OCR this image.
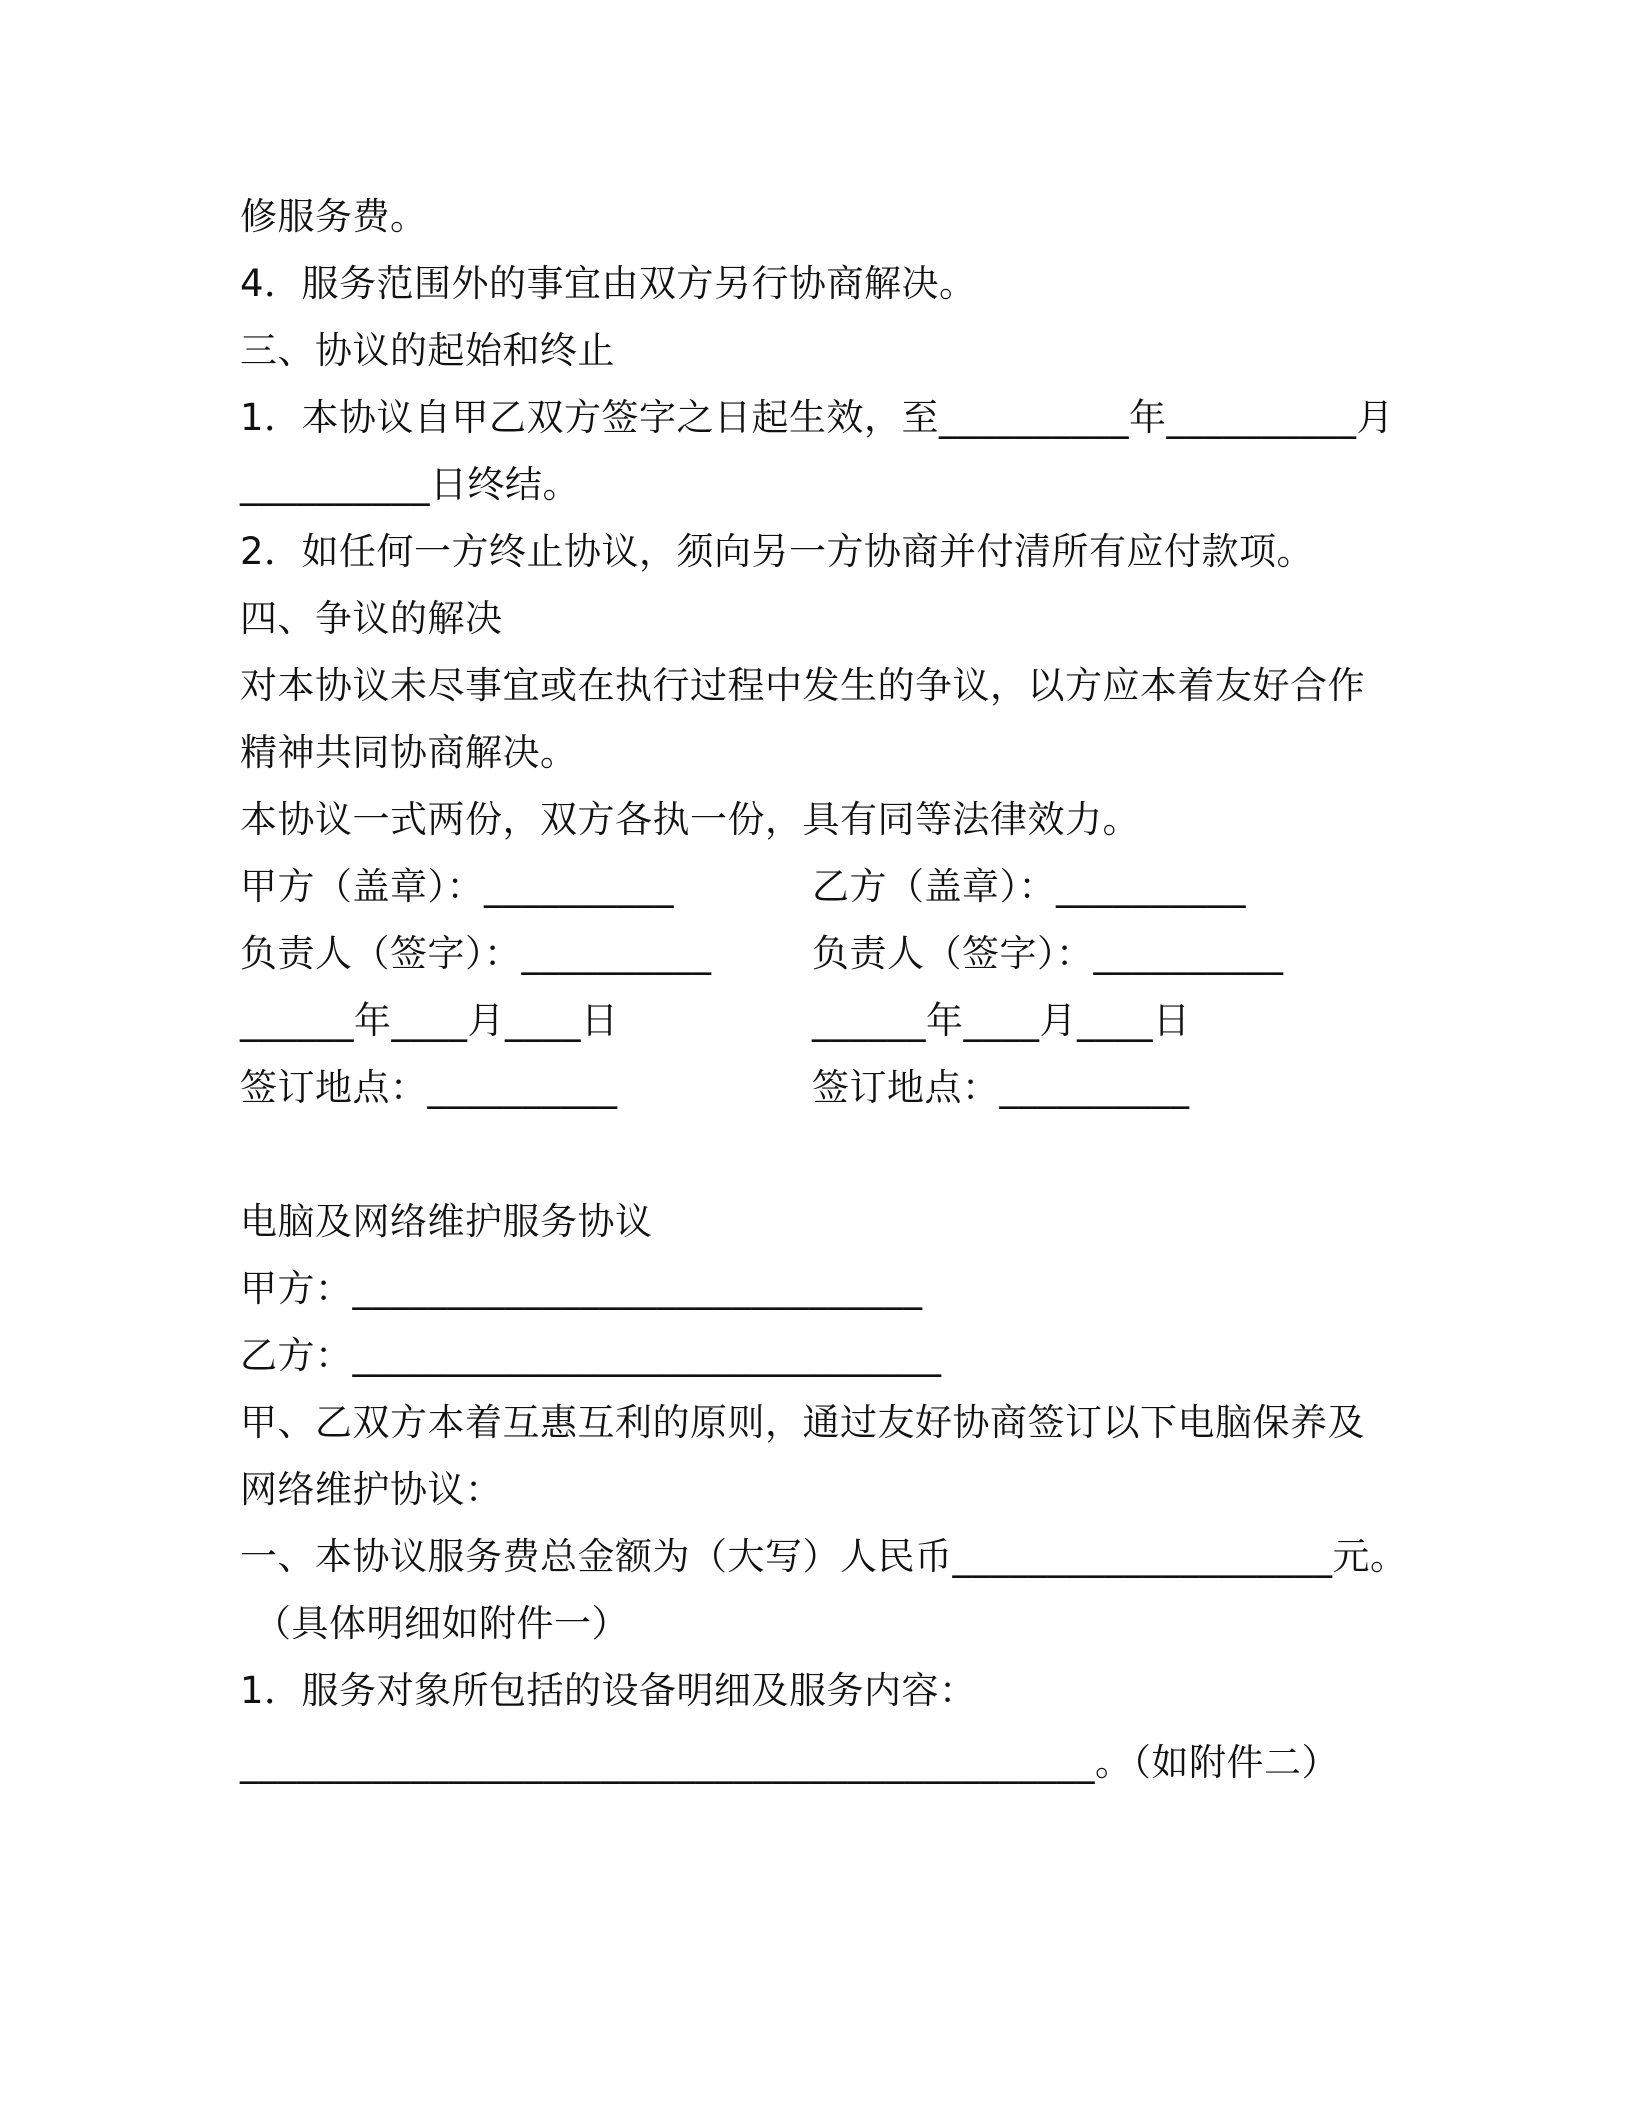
修服务费。
4．服务范围外的事宜由双方另行协商解决。
三、协议的起始和终止
1．本协议自甲乙双方签字之日起生效，至__________年__________月
__________日终结。
2．如任何一方终止协议，须向另一方协商并付清所有应付款项。
四、争议的解决
对本协议未尽事宜或在执行过程中发生的争议，以方应本着友好合作
精神共同协商解决。
本协议一式两份，双方各执一份，具有同等法律效力。
甲方（盖章）：__________	乙方（盖章）：__________
负责人（签字）：__________	负责人（签字）：__________
______年____月____日	______年____月____日
签订地点：__________	签订地点：__________
电脑及网络维护服务协议
甲方：______________________________
乙方：_______________________________
甲、乙双方本着互惠互利的原则，通过友好协商签订以下电脑保养及
网络维护协议：
一、本协议服务费总金额为（大写）人民币____________________元。
（具体明细如附件一）
1．服务对象所包括的设备明细及服务内容：
_____________________________________________。（如附件二）
